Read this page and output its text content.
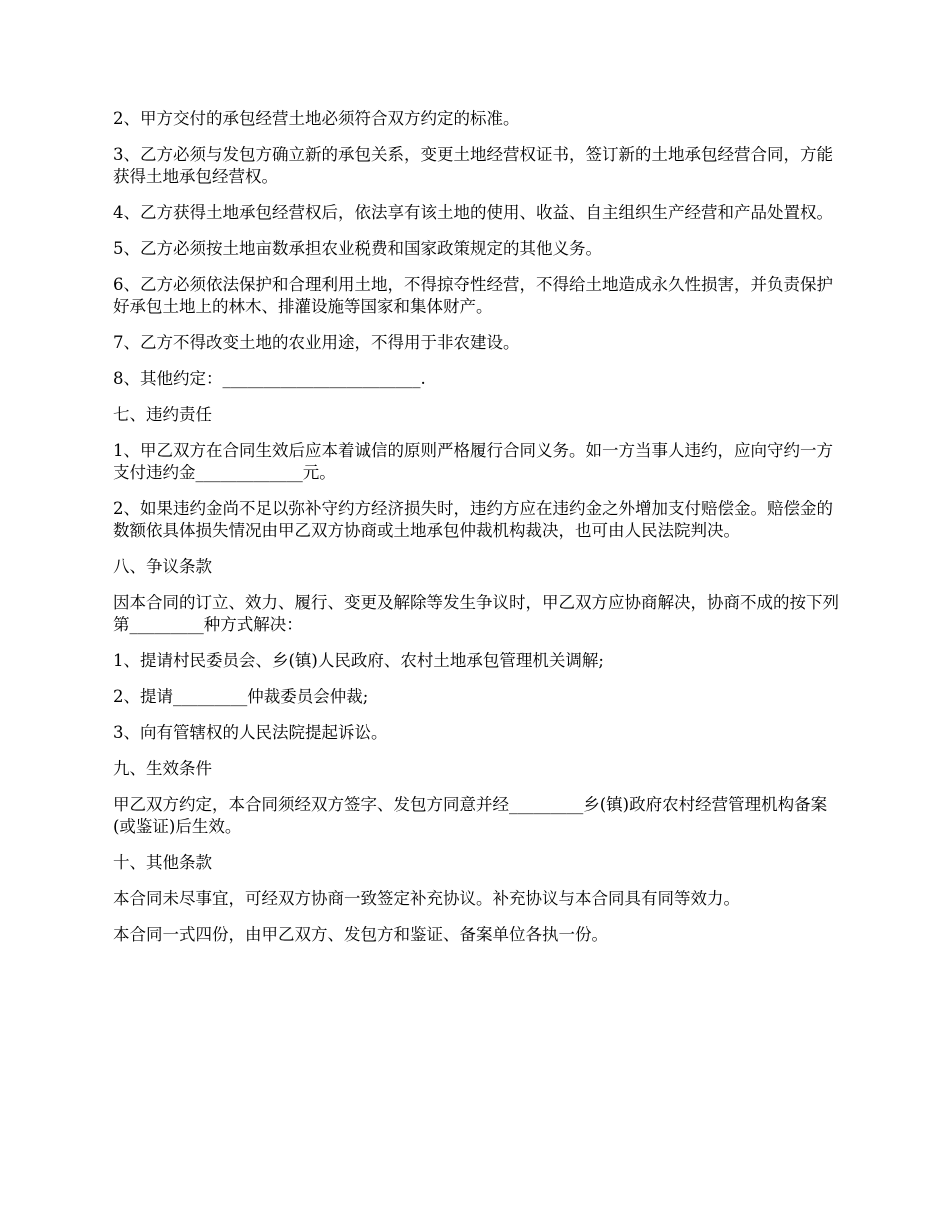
2、甲方交付的承包经营土地必须符合双方约定的标准。

3、乙方必须与发包方确立新的承包关系，变更土地经营权证书，签订新的土地承包经营合同，方能获得土地承包经营权。

4、乙方获得土地承包经营权后，依法享有该土地的使用、收益、自主组织生产经营和产品处置权。

5、乙方必须按土地亩数承担农业税费和国家政策规定的其他义务。

6、乙方必须依法保护和合理利用土地，不得掠夺性经营，不得给土地造成永久性损害，并负责保护好承包土地上的林木、排灌设施等国家和集体财产。

7、乙方不得改变土地的农业用途，不得用于非农建设。

8、其他约定：________________________.

七、违约责任

1、甲乙双方在合同生效后应本着诚信的原则严格履行合同义务。如一方当事人违约，应向守约一方支付违约金_____________元。

2、如果违约金尚不足以弥补守约方经济损失时，违约方应在违约金之外增加支付赔偿金。赔偿金的数额依具体损失情况由甲乙双方协商或土地承包仲裁机构裁决，也可由人民法院判决。

八、争议条款

因本合同的订立、效力、履行、变更及解除等发生争议时，甲乙双方应协商解决，协商不成的按下列第_________种方式解决：

1、提请村民委员会、乡(镇)人民政府、农村土地承包管理机关调解;

2、提请_________仲裁委员会仲裁;

3、向有管辖权的人民法院提起诉讼。

九、生效条件

甲乙双方约定，本合同须经双方签字、发包方同意并经_________乡(镇)政府农村经营管理机构备案(或鉴证)后生效。

十、其他条款

本合同未尽事宜，可经双方协商一致签定补充协议。补充协议与本合同具有同等效力。

本合同一式四份，由甲乙双方、发包方和鉴证、备案单位各执一份。
